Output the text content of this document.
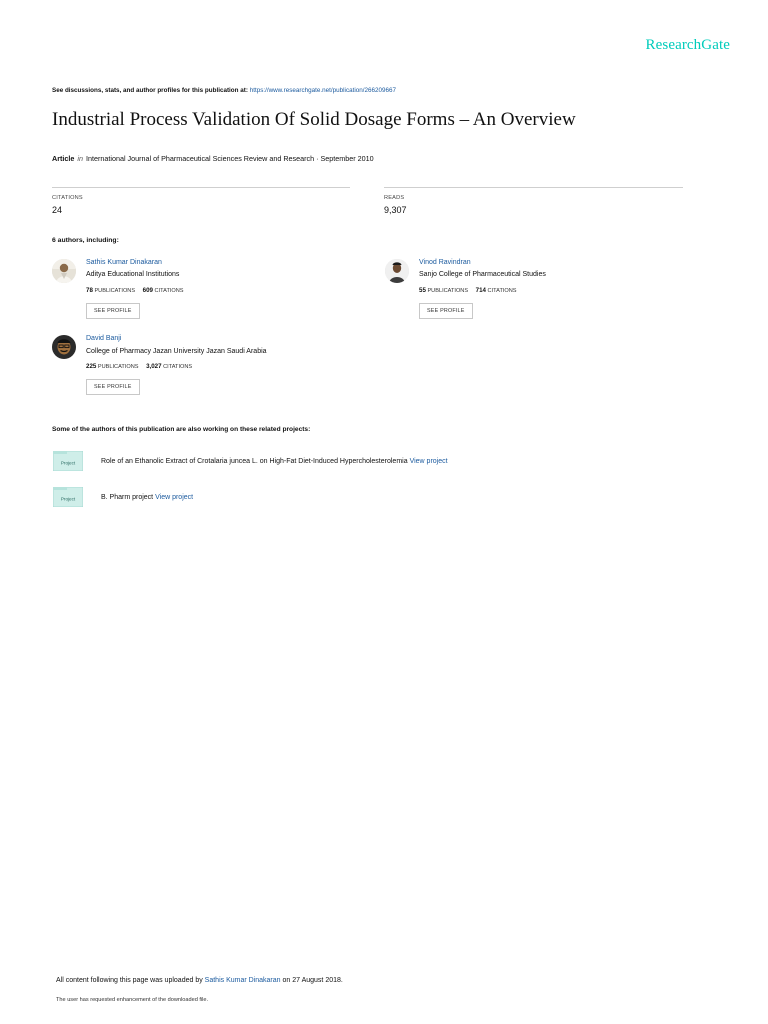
ResearchGate
See discussions, stats, and author profiles for this publication at: https://www.researchgate.net/publication/266209667
Industrial Process Validation Of Solid Dosage Forms – An Overview
Article in International Journal of Pharmaceutical Sciences Review and Research · September 2010
CITATIONS
24
READS
9,307
6 authors, including:
Sathis Kumar Dinakaran
Aditya Educational Institutions
78 PUBLICATIONS 609 CITATIONS
SEE PROFILE
Vinod Ravindran
Sanjo College of Pharmaceutical Studies
55 PUBLICATIONS 714 CITATIONS
SEE PROFILE
David Banji
College of Pharmacy Jazan University Jazan Saudi Arabia
225 PUBLICATIONS 3,027 CITATIONS
SEE PROFILE
Some of the authors of this publication are also working on these related projects:
Project	Role of an Ethanolic Extract of Crotalaria juncea L. on High-Fat Diet-Induced Hypercholesterolemia View project
Project	B. Pharm project View project
All content following this page was uploaded by Sathis Kumar Dinakaran on 27 August 2018.
The user has requested enhancement of the downloaded file.
